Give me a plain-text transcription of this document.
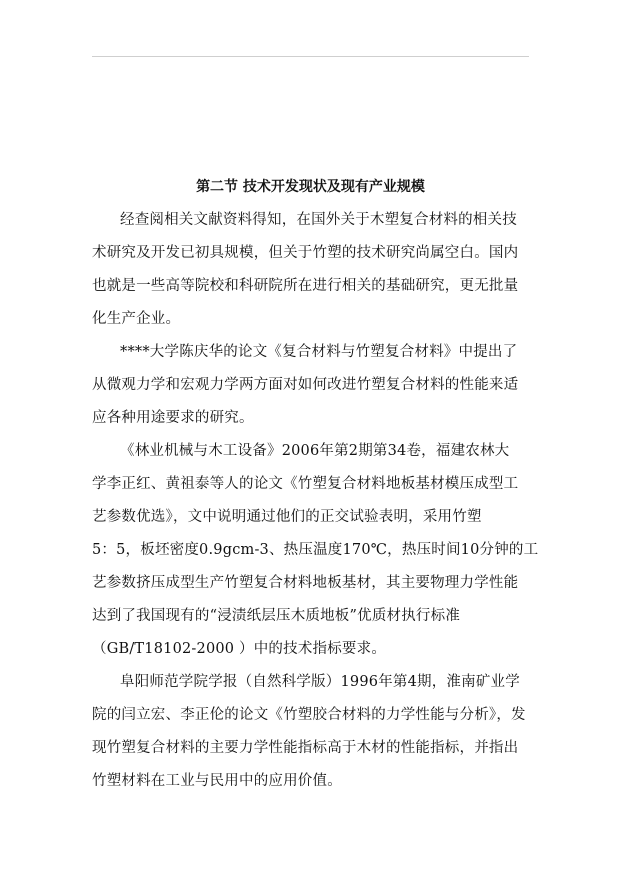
第二节 技术开发现状及现有产业规模
经查阅相关文献资料得知，在国外关于木塑复合材料的相关技
术研究及开发已初具规模，但关于竹塑的技术研究尚属空白。国内
也就是一些高等院校和科研院所在进行相关的基础研究，更无批量
化生产企业。
****大学陈庆华的论文《复合材料与竹塑复合材料》中提出了
从微观力学和宏观力学两方面对如何改进竹塑复合材料的性能来适
应各种用途要求的研究。
《林业机械与木工设备》2006年第2期第34卷，福建农林大
学李正红、黄祖泰等人的论文《竹塑复合材料地板基材模压成型工
艺参数优选》，文中说明通过他们的正交试验表明，采用竹塑
5：5，板坯密度0.9gcm-3、热压温度170℃，热压时间10分钟的工
艺参数挤压成型生产竹塑复合材料地板基材，其主要物理力学性能
达到了我国现有的“浸渍纸层压木质地板”优质材执行标准
（GB/T18102-2000 ）中的技术指标要求。
阜阳师范学院学报（自然科学版）1996年第4期，淮南矿业学
院的闫立宏、李正伦的论文《竹塑胶合材料的力学性能与分析》，发
现竹塑复合材料的主要力学性能指标高于木材的性能指标，并指出
竹塑材料在工业与民用中的应用价值。
